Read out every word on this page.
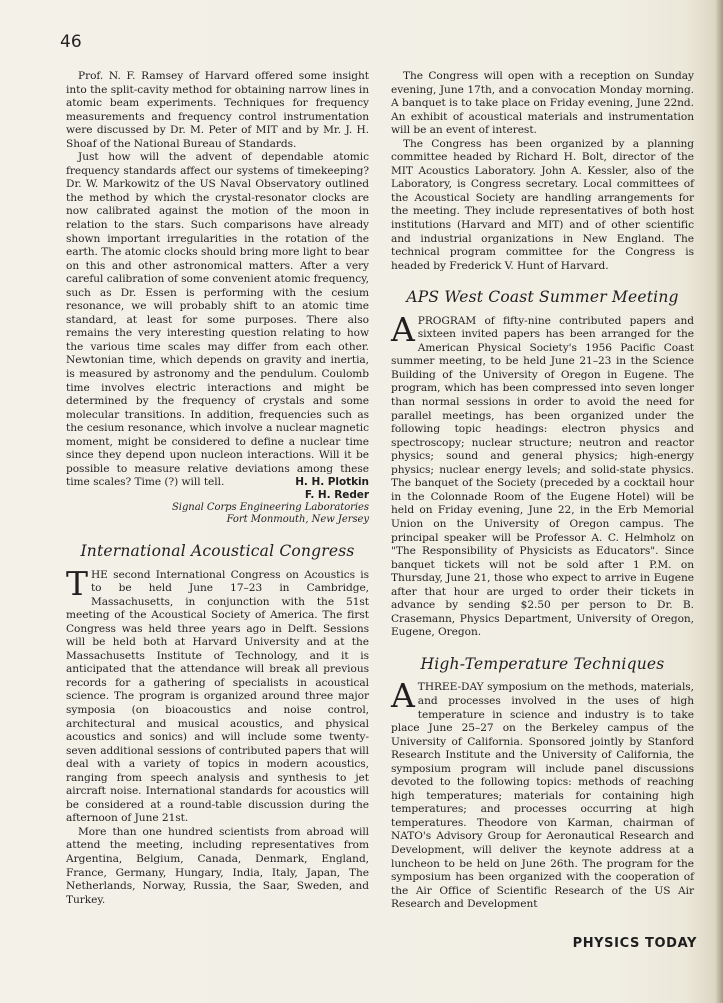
46

Prof. N. F. Ramsey of Harvard offered some insight into the split-cavity method for obtaining narrow lines in atomic beam experiments. Techniques for frequency measurements and frequency control instrumentation were discussed by Dr. M. Peter of MIT and by Mr. J. H. Shoaf of the National Bureau of Standards.

Just how will the advent of dependable atomic frequency standards affect our systems of timekeeping? Dr. W. Markowitz of the US Naval Observatory outlined the method by which the crystal-resonator clocks are now calibrated against the motion of the moon in relation to the stars. Such comparisons have already shown important irregularities in the rotation of the earth. The atomic clocks should bring more light to bear on this and other astronomical matters. After a very careful calibration of some convenient atomic frequency, such as Dr. Essen is performing with the cesium resonance, we will probably shift to an atomic time standard, at least for some purposes. There also remains the very interesting question relating to how the various time scales may differ from each other. Newtonian time, which depends on gravity and inertia, is measured by astronomy and the pendulum. Coulomb time involves electric interactions and might be determined by the frequency of crystals and some molecular transitions. In addition, frequencies such as the cesium resonance, which involve a nuclear magnetic moment, might be considered to define a nuclear time since they depend upon nucleon interactions. Will it be possible to measure relative deviations among these time scales? Time (?) will tell.	H. H. Plotkin
F. H. Reder
Signal Corps Engineering Laboratories
Fort Monmouth, New Jersey
International Acoustical Congress

THE second International Congress on Acoustics is to be held June 17–23 in Cambridge, Massachusetts, in conjunction with the 51st meeting of the Acoustical Society of America. The first Congress was held three years ago in Delft. Sessions will be held both at Harvard University and at the Massachusetts Institute of Technology, and it is anticipated that the attendance will break all previous records for a gathering of specialists in acoustical science. The program is organized around three major symposia (on bioacoustics and noise control, architectural and musical acoustics, and physical acoustics and sonics) and will include some twenty-seven additional sessions of contributed papers that will deal with a variety of topics in modern acoustics, ranging from speech analysis and synthesis to jet aircraft noise. International standards for acoustics will be considered at a round-table discussion during the afternoon of June 21st.

More than one hundred scientists from abroad will attend the meeting, including representatives from Argentina, Belgium, Canada, Denmark, England, France, Germany, Hungary, India, Italy, Japan, The Netherlands, Norway, Russia, the Saar, Sweden, and Turkey.

The Congress will open with a reception on Sunday evening, June 17th, and a convocation Monday morning. A banquet is to take place on Friday evening, June 22nd. An exhibit of acoustical materials and instrumentation will be an event of interest.

The Congress has been organized by a planning committee headed by Richard H. Bolt, director of the MIT Acoustics Laboratory. John A. Kessler, also of the Laboratory, is Congress secretary. Local committees of the Acoustical Society are handling arrangements for the meeting. They include representatives of both host institutions (Harvard and MIT) and of other scientific and industrial organizations in New England. The technical program committee for the Congress is headed by Frederick V. Hunt of Harvard.

APS West Coast Summer Meeting

APROGRAM of fifty-nine contributed papers and sixteen invited papers has been arranged for the American Physical Society's 1956 Pacific Coast summer meeting, to be held June 21–23 in the Science Building of the University of Oregon in Eugene. The program, which has been compressed into seven longer than normal sessions in order to avoid the need for parallel meetings, has been organized under the following topic headings: electron physics and spectroscopy; nuclear structure; neutron and reactor physics; sound and general physics; high-energy physics; nuclear energy levels; and solid-state physics. The banquet of the Society (preceded by a cocktail hour in the Colonnade Room of the Eugene Hotel) will be held on Friday evening, June 22, in the Erb Memorial Union on the University of Oregon campus. The principal speaker will be Professor A. C. Helmholz on "The Responsibility of Physicists as Educators". Since banquet tickets will not be sold after 1 P.M. on Thursday, June 21, those who expect to arrive in Eugene after that hour are urged to order their tickets in advance by sending $2.50 per person to Dr. B. Crasemann, Physics Department, University of Oregon, Eugene, Oregon.

High-Temperature Techniques

ATHREE-DAY symposium on the methods, materials, and processes involved in the uses of high temperature in science and industry is to take place June 25–27 on the Berkeley campus of the University of California. Sponsored jointly by Stanford Research Institute and the University of California, the symposium program will include panel discussions devoted to the following topics: methods of reaching high temperatures; materials for containing high temperatures; and processes occurring at high temperatures. Theodore von Karman, chairman of NATO's Advisory Group for Aeronautical Research and Development, will deliver the keynote address at a luncheon to be held on June 26th. The program for the symposium has been organized with the cooperation of the Air Office of Scientific Research of the US Air Research and Development

PHYSICS TODAY
